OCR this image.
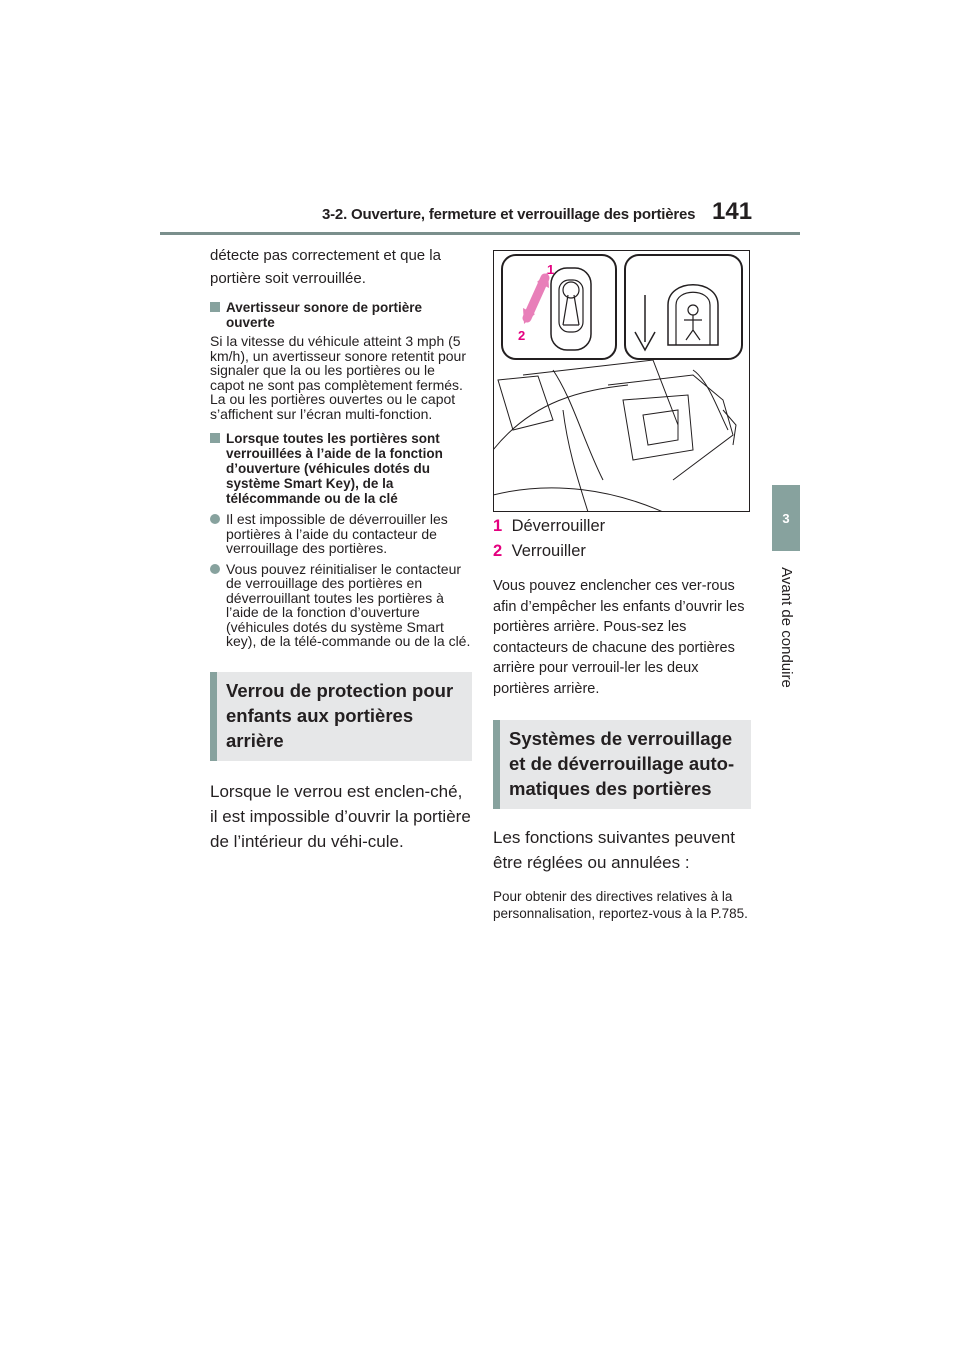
3-2. Ouverture, fermeture et verrouillage des portières 141
3
Avant de conduire

détecte pas correctement et que la portière soit verrouillée.

Avertisseur sonore de portière ouverte

Si la vitesse du véhicule atteint 3 mph (5 km/h), un avertisseur sonore retentit pour signaler que la ou les portières ou le capot ne sont pas complètement fermés.

La ou les portières ouvertes ou le capot s’affichent sur l’écran multi-fonction.

Lorsque toutes les portières sont verrouillées à l’aide de la fonction d’ouverture (véhicules dotés du système Smart Key), de la télécommande ou de la clé
Il est impossible de déverrouiller les portières à l’aide du contacteur de verrouillage des portières.
Vous pouvez réinitialiser le contacteur de verrouillage des portières en déverrouillant toutes les portières à l’aide de la fonction d’ouverture (véhicules dotés du système Smart key), de la télé-commande ou de la clé.
Verrou de protection pour enfants aux portières arrière

Lorsque le verrou est enclen-ché, il est impossible d’ouvrir la portière de l’intérieur du véhi-cule.

1
2
1 Déverrouiller
2 Verrouiller

Vous pouvez enclencher ces ver-rous afin d’empêcher les enfants d’ouvrir les portières arrière. Pous-sez les contacteurs de chacune des portières arrière pour verrouil-ler les deux portières arrière.

Systèmes de verrouillage et de déverrouillage auto-matiques des portières

Les fonctions suivantes peuvent être réglées ou annulées :

Pour obtenir des directives relatives à la personnalisation, reportez-vous à la P.785.
